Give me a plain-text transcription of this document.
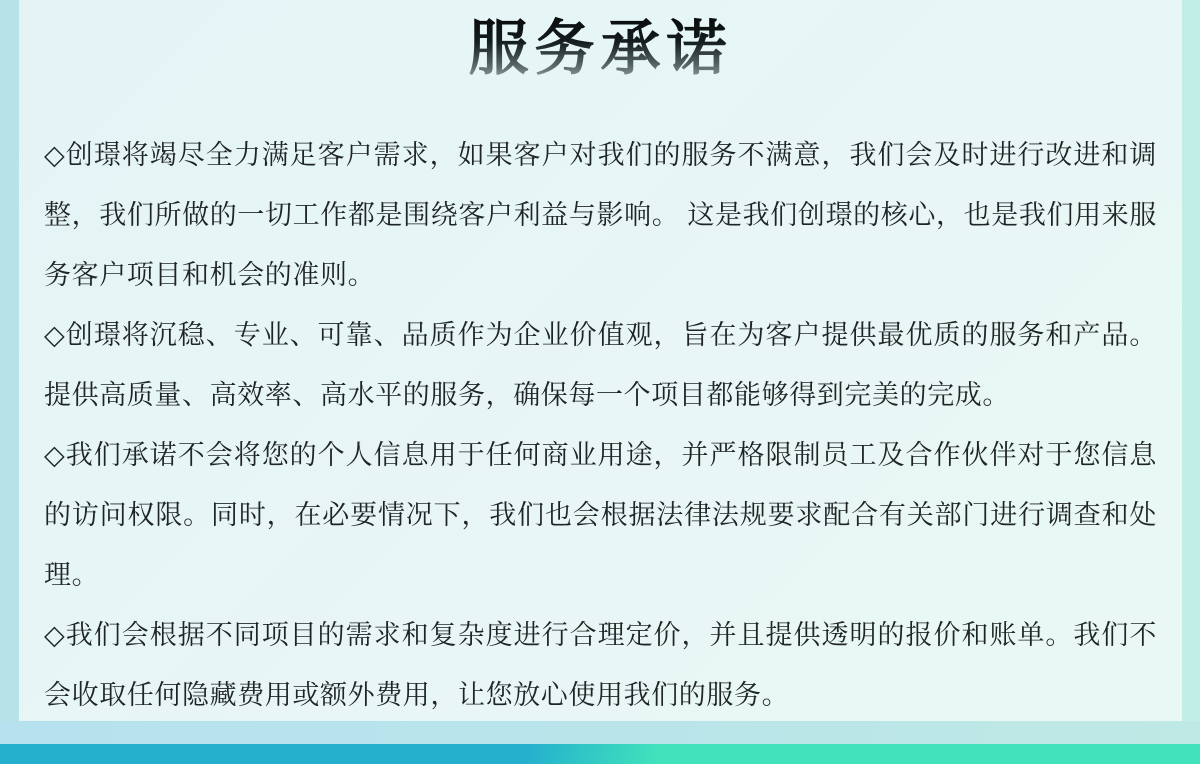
服务承诺

◇创璟将竭尽全力满足客户需求，如果客户对我们的服务不满意，我们会及时进行改进和调整，我们所做的一切工作都是围绕客户利益与影响。 这是我们创璟的核心，也是我们用来服务客户项目和机会的准则。

◇创璟将沉稳、专业、可靠、品质作为企业价值观，旨在为客户提供最优质的服务和产品。提供高质量、高效率、高水平的服务，确保每一个项目都能够得到完美的完成。

◇我们承诺不会将您的个人信息用于任何商业用途，并严格限制员工及合作伙伴对于您信息的访问权限。同时，在必要情况下，我们也会根据法律法规要求配合有关部门进行调查和处理。

◇我们会根据不同项目的需求和复杂度进行合理定价，并且提供透明的报价和账单。我们不会收取任何隐藏费用或额外费用，让您放心使用我们的服务。
